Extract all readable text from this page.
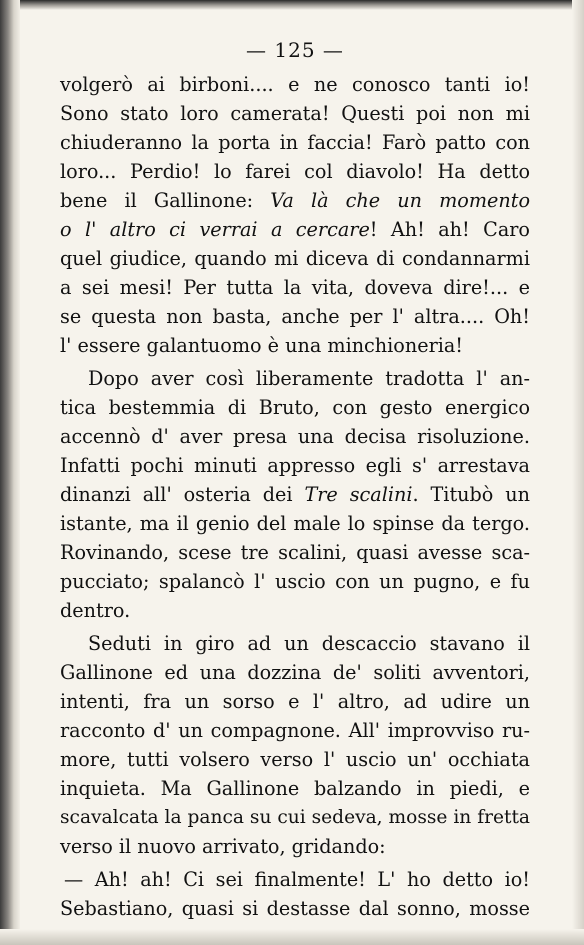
— 125 —
volgerò ai birboni.... e ne conosco tanti io!
Sono stato loro camerata! Questi poi non mi
chiuderanno la porta in faccia! Farò patto con
loro... Perdio! lo farei col diavolo! Ha detto
bene il Gallinone: Va là che un momento
o l' altro ci verrai a cercare! Ah! ah! Caro
quel giudice, quando mi diceva di condannarmi
a sei mesi! Per tutta la vita, doveva dire!... e
se questa non basta, anche per l' altra.... Oh!
l' essere galantuomo è una minchioneria!
Dopo aver così liberamente tradotta l' an-
tica bestemmia di Bruto, con gesto energico
accennò d' aver presa una decisa risoluzione.
Infatti pochi minuti appresso egli s' arrestava
dinanzi all' osteria dei Tre scalini. Titubò un
istante, ma il genio del male lo spinse da tergo.
Rovinando, scese tre scalini, quasi avesse sca-
pucciato; spalancò l' uscio con un pugno, e fu
dentro.
Seduti in giro ad un descaccio stavano il
Gallinone ed una dozzina de' soliti avventori,
intenti, fra un sorso e l' altro, ad udire un
racconto d' un compagnone. All' improvviso ru-
more, tutti volsero verso l' uscio un' occhiata
inquieta. Ma Gallinone balzando in piedi, e
scavalcata la panca su cui sedeva, mosse in fretta
verso il nuovo arrivato, gridando:
— Ah! ah! Ci sei finalmente! L' ho detto io!
Sebastiano, quasi si destasse dal sonno, mosse
